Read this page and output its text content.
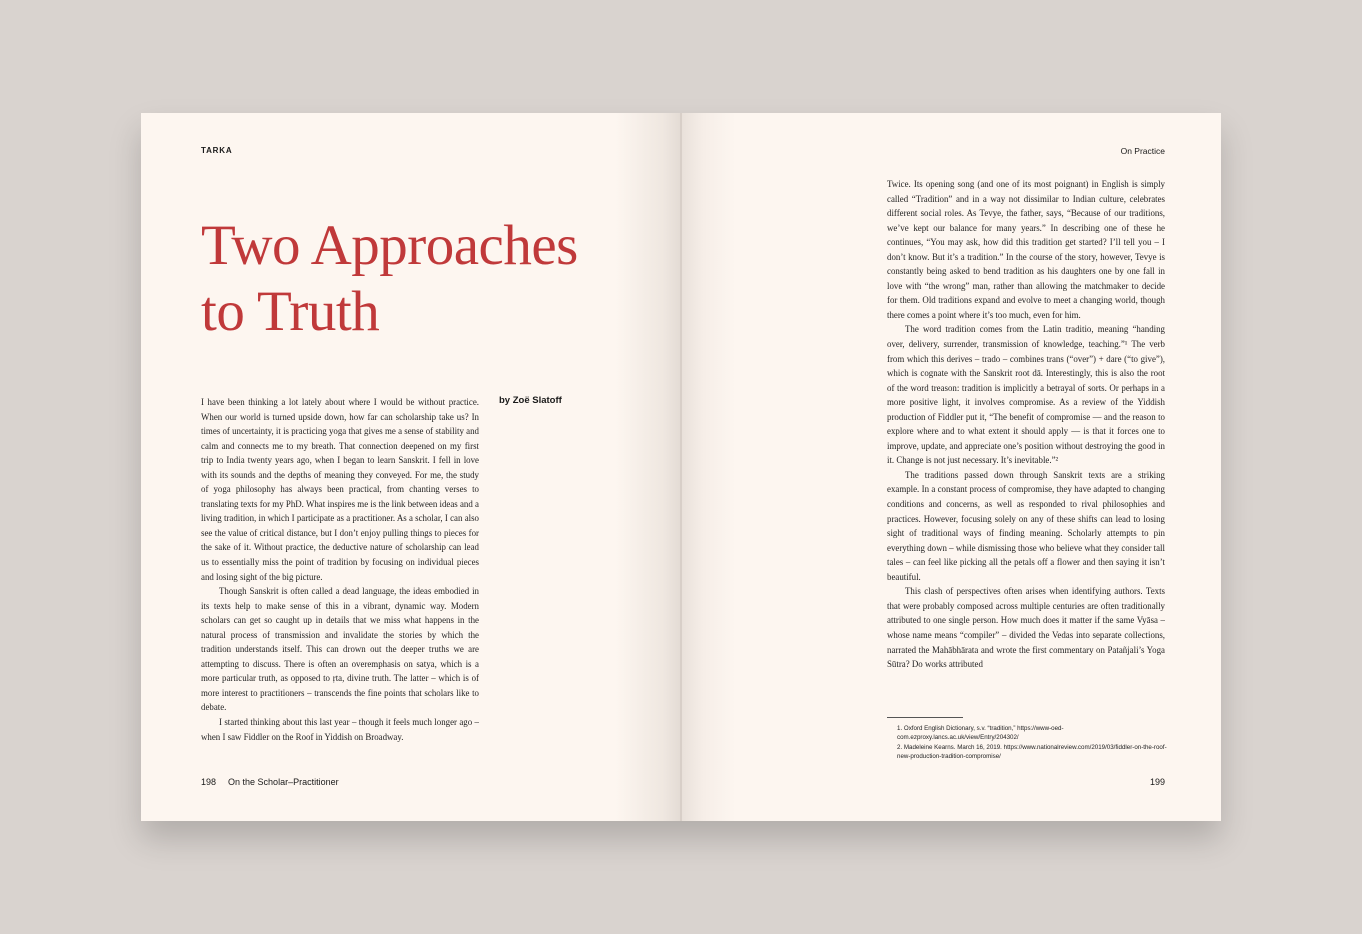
TARKA
Two Approaches
to Truth
by Zoë Slatoff

I have been thinking a lot lately about where I would be without practice. When our world is turned upside down, how far can scholarship take us? In times of uncertainty, it is practicing yoga that gives me a sense of stability and calm and connects me to my breath. That connection deepened on my first trip to India twenty years ago, when I began to learn Sanskrit. I fell in love with its sounds and the depths of meaning they conveyed. For me, the study of yoga philosophy has always been practical, from chanting verses to translating texts for my PhD. What inspires me is the link between ideas and a living tradition, in which I participate as a practitioner. As a scholar, I can also see the value of critical distance, but I don’t enjoy pulling things to pieces for the sake of it. Without practice, the deductive nature of scholarship can lead us to essentially miss the point of tradition by focusing on individual pieces and losing sight of the big picture.

Though Sanskrit is often called a dead language, the ideas embodied in its texts help to make sense of this in a vibrant, dynamic way. Modern scholars can get so caught up in details that we miss what happens in the natural process of transmission and invalidate the stories by which the tradition understands itself. This can drown out the deeper truths we are attempting to discuss. There is often an overemphasis on satya, which is a more particular truth, as opposed to ṛta, divine truth. The latter – which is of more interest to practitioners – transcends the fine points that scholars like to debate.

I started thinking about this last year – though it feels much longer ago – when I saw Fiddler on the Roof in Yiddish on Broadway.

198 On the Scholar–Practitioner
On Practice

Twice. Its opening song (and one of its most poignant) in English is simply called “Tradition” and in a way not dissimilar to Indian culture, celebrates different social roles. As Tevye, the father, says, “Because of our traditions, we’ve kept our balance for many years.” In describing one of these he continues, “You may ask, how did this tradition get started? I’ll tell you – I don’t know. But it’s a tradition.” In the course of the story, however, Tevye is constantly being asked to bend tradition as his daughters one by one fall in love with “the wrong” man, rather than allowing the matchmaker to decide for them. Old traditions expand and evolve to meet a changing world, though there comes a point where it’s too much, even for him.

The word tradition comes from the Latin traditio, meaning “handing over, delivery, surrender, transmission of knowledge, teaching.”¹ The verb from which this derives – trado – combines trans (“over”) + dare (“to give”), which is cognate with the Sanskrit root dā. Interestingly, this is also the root of the word treason: tradition is implicitly a betrayal of sorts. Or perhaps in a more positive light, it involves compromise. As a review of the Yiddish production of Fiddler put it, “The benefit of compromise — and the reason to explore where and to what extent it should apply — is that it forces one to improve, update, and appreciate one’s position without destroying the good in it. Change is not just necessary. It’s inevitable.”²

The traditions passed down through Sanskrit texts are a striking example. In a constant process of compromise, they have adapted to changing conditions and concerns, as well as responded to rival philosophies and practices. However, focusing solely on any of these shifts can lead to losing sight of traditional ways of finding meaning. Scholarly attempts to pin everything down – while dismissing those who believe what they consider tall tales – can feel like picking all the petals off a flower and then saying it isn’t beautiful.

This clash of perspectives often arises when identifying authors. Texts that were probably composed across multiple centuries are often traditionally attributed to one single person. How much does it matter if the same Vyāsa – whose name means “compiler” – divided the Vedas into separate collections, narrated the Mahābhārata and wrote the first commentary on Patañjali’s Yoga Sūtra? Do works attributed

1. Oxford English Dictionary, s.v. “tradition,” https://www-oed-com.ezproxy.lancs.ac.uk/view/Entry/204302/

2. Madeleine Kearns. March 16, 2019. https://www.nationalreview.com/2019/03/fiddler-on-the-roof-new-production-tradition-compromise/

199
